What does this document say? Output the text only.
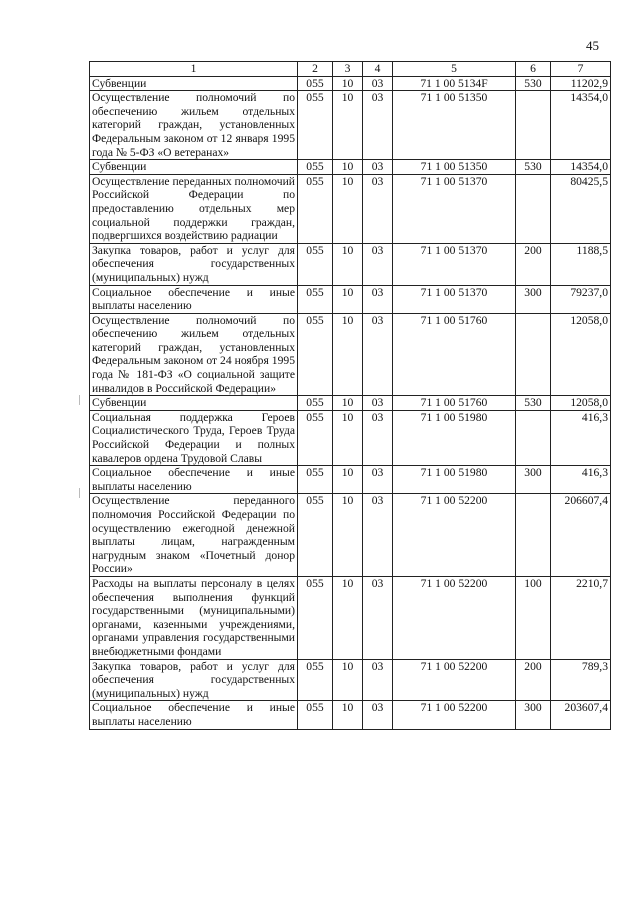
45
1	2	3	4	5	6	7
Субвенции	055	10	03	71 1 00 5134F	530	11202,9
Осуществление полномочий по обеспечению жильем отдельных категорий граждан, установленных Федеральным законом от 12 января 1995 года № 5-ФЗ «О ветеранах»	055	10	03	71 1 00 51350		14354,0
Субвенции	055	10	03	71 1 00 51350	530	14354,0
Осуществление переданных полномочий Российской Федерации по предоставлению отдельных мер социальной поддержки граждан, подвергшихся воздействию радиации	055	10	03	71 1 00 51370		80425,5
Закупка товаров, работ и услуг для обеспечения государственных (муниципальных) нужд	055	10	03	71 1 00 51370	200	1188,5
Социальное обеспечение и иные выплаты населению	055	10	03	71 1 00 51370	300	79237,0
Осуществление полномочий по обеспечению жильем отдельных категорий граждан, установленных Федеральным законом от 24 ноября 1995 года № 181-ФЗ «О социальной защите инвалидов в Российской Федерации»	055	10	03	71 1 00 51760		12058,0
Субвенции	055	10	03	71 1 00 51760	530	12058,0
Социальная поддержка Героев Социалистического Труда, Героев Труда Российской Федерации и полных кавалеров ордена Трудовой Славы	055	10	03	71 1 00 51980		416,3
Социальное обеспечение и иные выплаты населению	055	10	03	71 1 00 51980	300	416,3
Осуществление переданного полномочия Российской Федерации по осуществлению ежегодной денежной выплаты лицам, награжденным нагрудным знаком «Почетный донор России»	055	10	03	71 1 00 52200		206607,4
Расходы на выплаты персоналу в целях обеспечения выполнения функций государственными (муниципальными) органами, казенными учреждениями, органами управления государственными внебюджетными фондами	055	10	03	71 1 00 52200	100	2210,7
Закупка товаров, работ и услуг для обеспечения государственных (муниципальных) нужд	055	10	03	71 1 00 52200	200	789,3
Социальное обеспечение и иные выплаты населению	055	10	03	71 1 00 52200	300	203607,4
